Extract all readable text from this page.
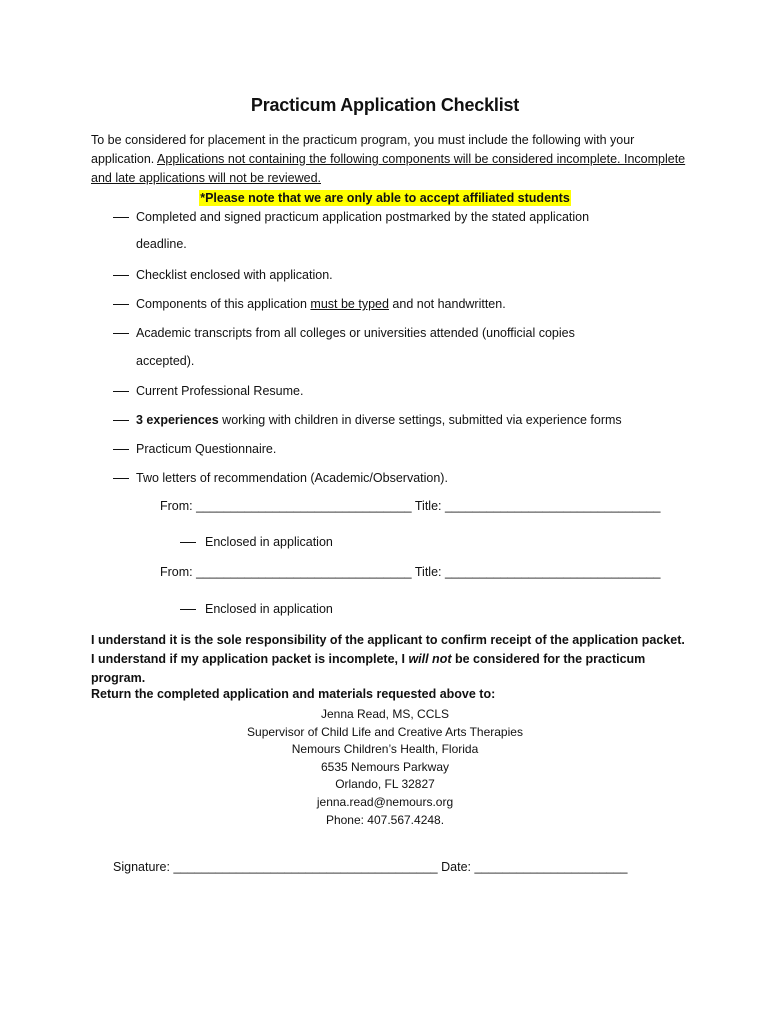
Practicum Application Checklist
To be considered for placement in the practicum program, you must include the following with your application. Applications not containing the following components will be considered incomplete. Incomplete and late applications will not be reviewed.
*Please note that we are only able to accept affiliated students
Completed and signed practicum application postmarked by the stated application
deadline.
Checklist enclosed with application.
Components of this application must be typed and not handwritten.
Academic transcripts from all colleges or universities attended (unofficial copies
accepted).
Current Professional Resume.
3 experiences working with children in diverse settings, submitted via experience forms
Practicum Questionnaire.
Two letters of recommendation (Academic/Observation).
From: _______________________________ Title: _______________________________
Enclosed in application
From: _______________________________ Title: _______________________________
Enclosed in application
I understand it is the sole responsibility of the applicant to confirm receipt of the application packet. I understand if my application packet is incomplete, I will not be considered for the practicum program.
Return the completed application and materials requested above to:
Jenna Read, MS, CCLS
Supervisor of Child Life and Creative Arts Therapies
Nemours Children’s Health, Florida
6535 Nemours Parkway
Orlando, FL 32827
jenna.read@nemours.org
Phone: 407.567.4248.
Signature: ______________________________________ Date: ______________________
